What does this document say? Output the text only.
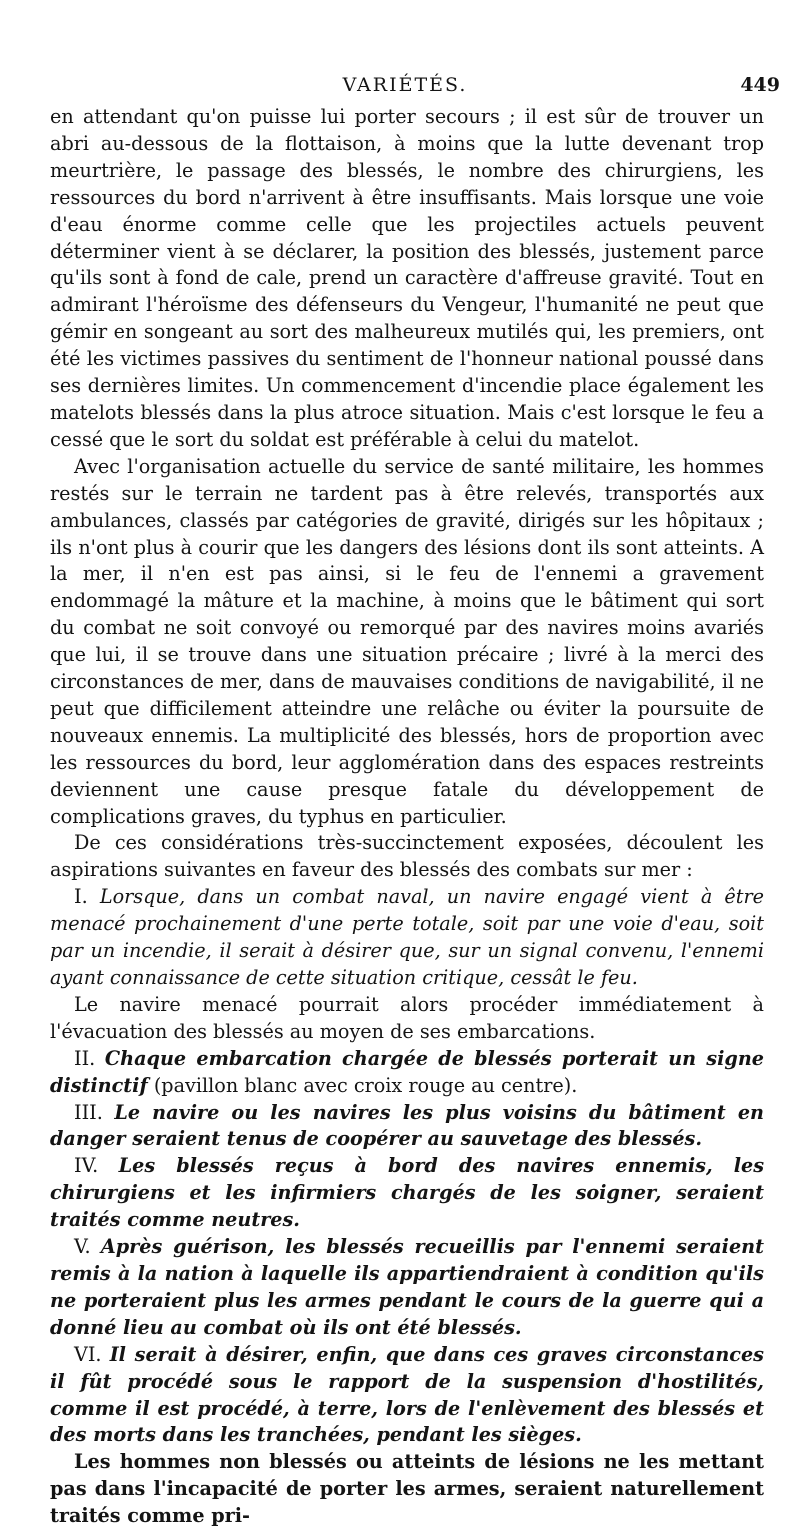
VARIÉTÉS.	449

en attendant qu'on puisse lui porter secours ; il est sûr de trouver un abri au-dessous de la flottaison, à moins que la lutte devenant trop meurtrière, le passage des blessés, le nombre des chirurgiens, les ressources du bord n'arrivent à être insuffisants. Mais lorsque une voie d'eau énorme comme celle que les projectiles actuels peuvent déterminer vient à se déclarer, la position des blessés, justement parce qu'ils sont à fond de cale, prend un caractère d'affreuse gravité. Tout en admirant l'héroïsme des défenseurs du Vengeur, l'humanité ne peut que gémir en songeant au sort des malheureux mutilés qui, les premiers, ont été les victimes passives du sentiment de l'honneur national poussé dans ses dernières limites. Un commencement d'incendie place également les matelots blessés dans la plus atroce situation. Mais c'est lorsque le feu a cessé que le sort du soldat est préférable à celui du matelot.

Avec l'organisation actuelle du service de santé militaire, les hommes restés sur le terrain ne tardent pas à être relevés, transportés aux ambulances, classés par catégories de gravité, dirigés sur les hôpitaux ; ils n'ont plus à courir que les dangers des lésions dont ils sont atteints. A la mer, il n'en est pas ainsi, si le feu de l'ennemi a gravement endommagé la mâture et la machine, à moins que le bâtiment qui sort du combat ne soit convoyé ou remorqué par des navires moins avariés que lui, il se trouve dans une situation précaire ; livré à la merci des circonstances de mer, dans de mauvaises conditions de navigabilité, il ne peut que difficilement atteindre une relâche ou éviter la poursuite de nouveaux ennemis. La multiplicité des blessés, hors de proportion avec les ressources du bord, leur agglomération dans des espaces restreints deviennent une cause presque fatale du développement de complications graves, du typhus en particulier.

De ces considérations très-succinctement exposées, découlent les aspirations suivantes en faveur des blessés des combats sur mer :

I. Lorsque, dans un combat naval, un navire engagé vient à être menacé prochainement d'une perte totale, soit par une voie d'eau, soit par un incendie, il serait à désirer que, sur un signal convenu, l'ennemi ayant connaissance de cette situation critique, cessât le feu.

Le navire menacé pourrait alors procéder immédiatement à l'évacuation des blessés au moyen de ses embarcations.

II. Chaque embarcation chargée de blessés porterait un signe distinctif (pavillon blanc avec croix rouge au centre).

III. Le navire ou les navires les plus voisins du bâtiment en danger seraient tenus de coopérer au sauvetage des blessés.

IV. Les blessés reçus à bord des navires ennemis, les chirurgiens et les infirmiers chargés de les soigner, seraient traités comme neutres.

V. Après guérison, les blessés recueillis par l'ennemi seraient remis à la nation à laquelle ils appartiendraient à condition qu'ils ne porteraient plus les armes pendant le cours de la guerre qui a donné lieu au combat où ils ont été blessés.

VI. Il serait à désirer, enfin, que dans ces graves circonstances il fût procédé sous le rapport de la suspension d'hostilités, comme il est procédé, à terre, lors de l'enlèvement des blessés et des morts dans les tranchées, pendant les sièges.

Les hommes non blessés ou atteints de lésions ne les mettant pas dans l'incapacité de porter les armes, seraient naturellement traités comme pri-
